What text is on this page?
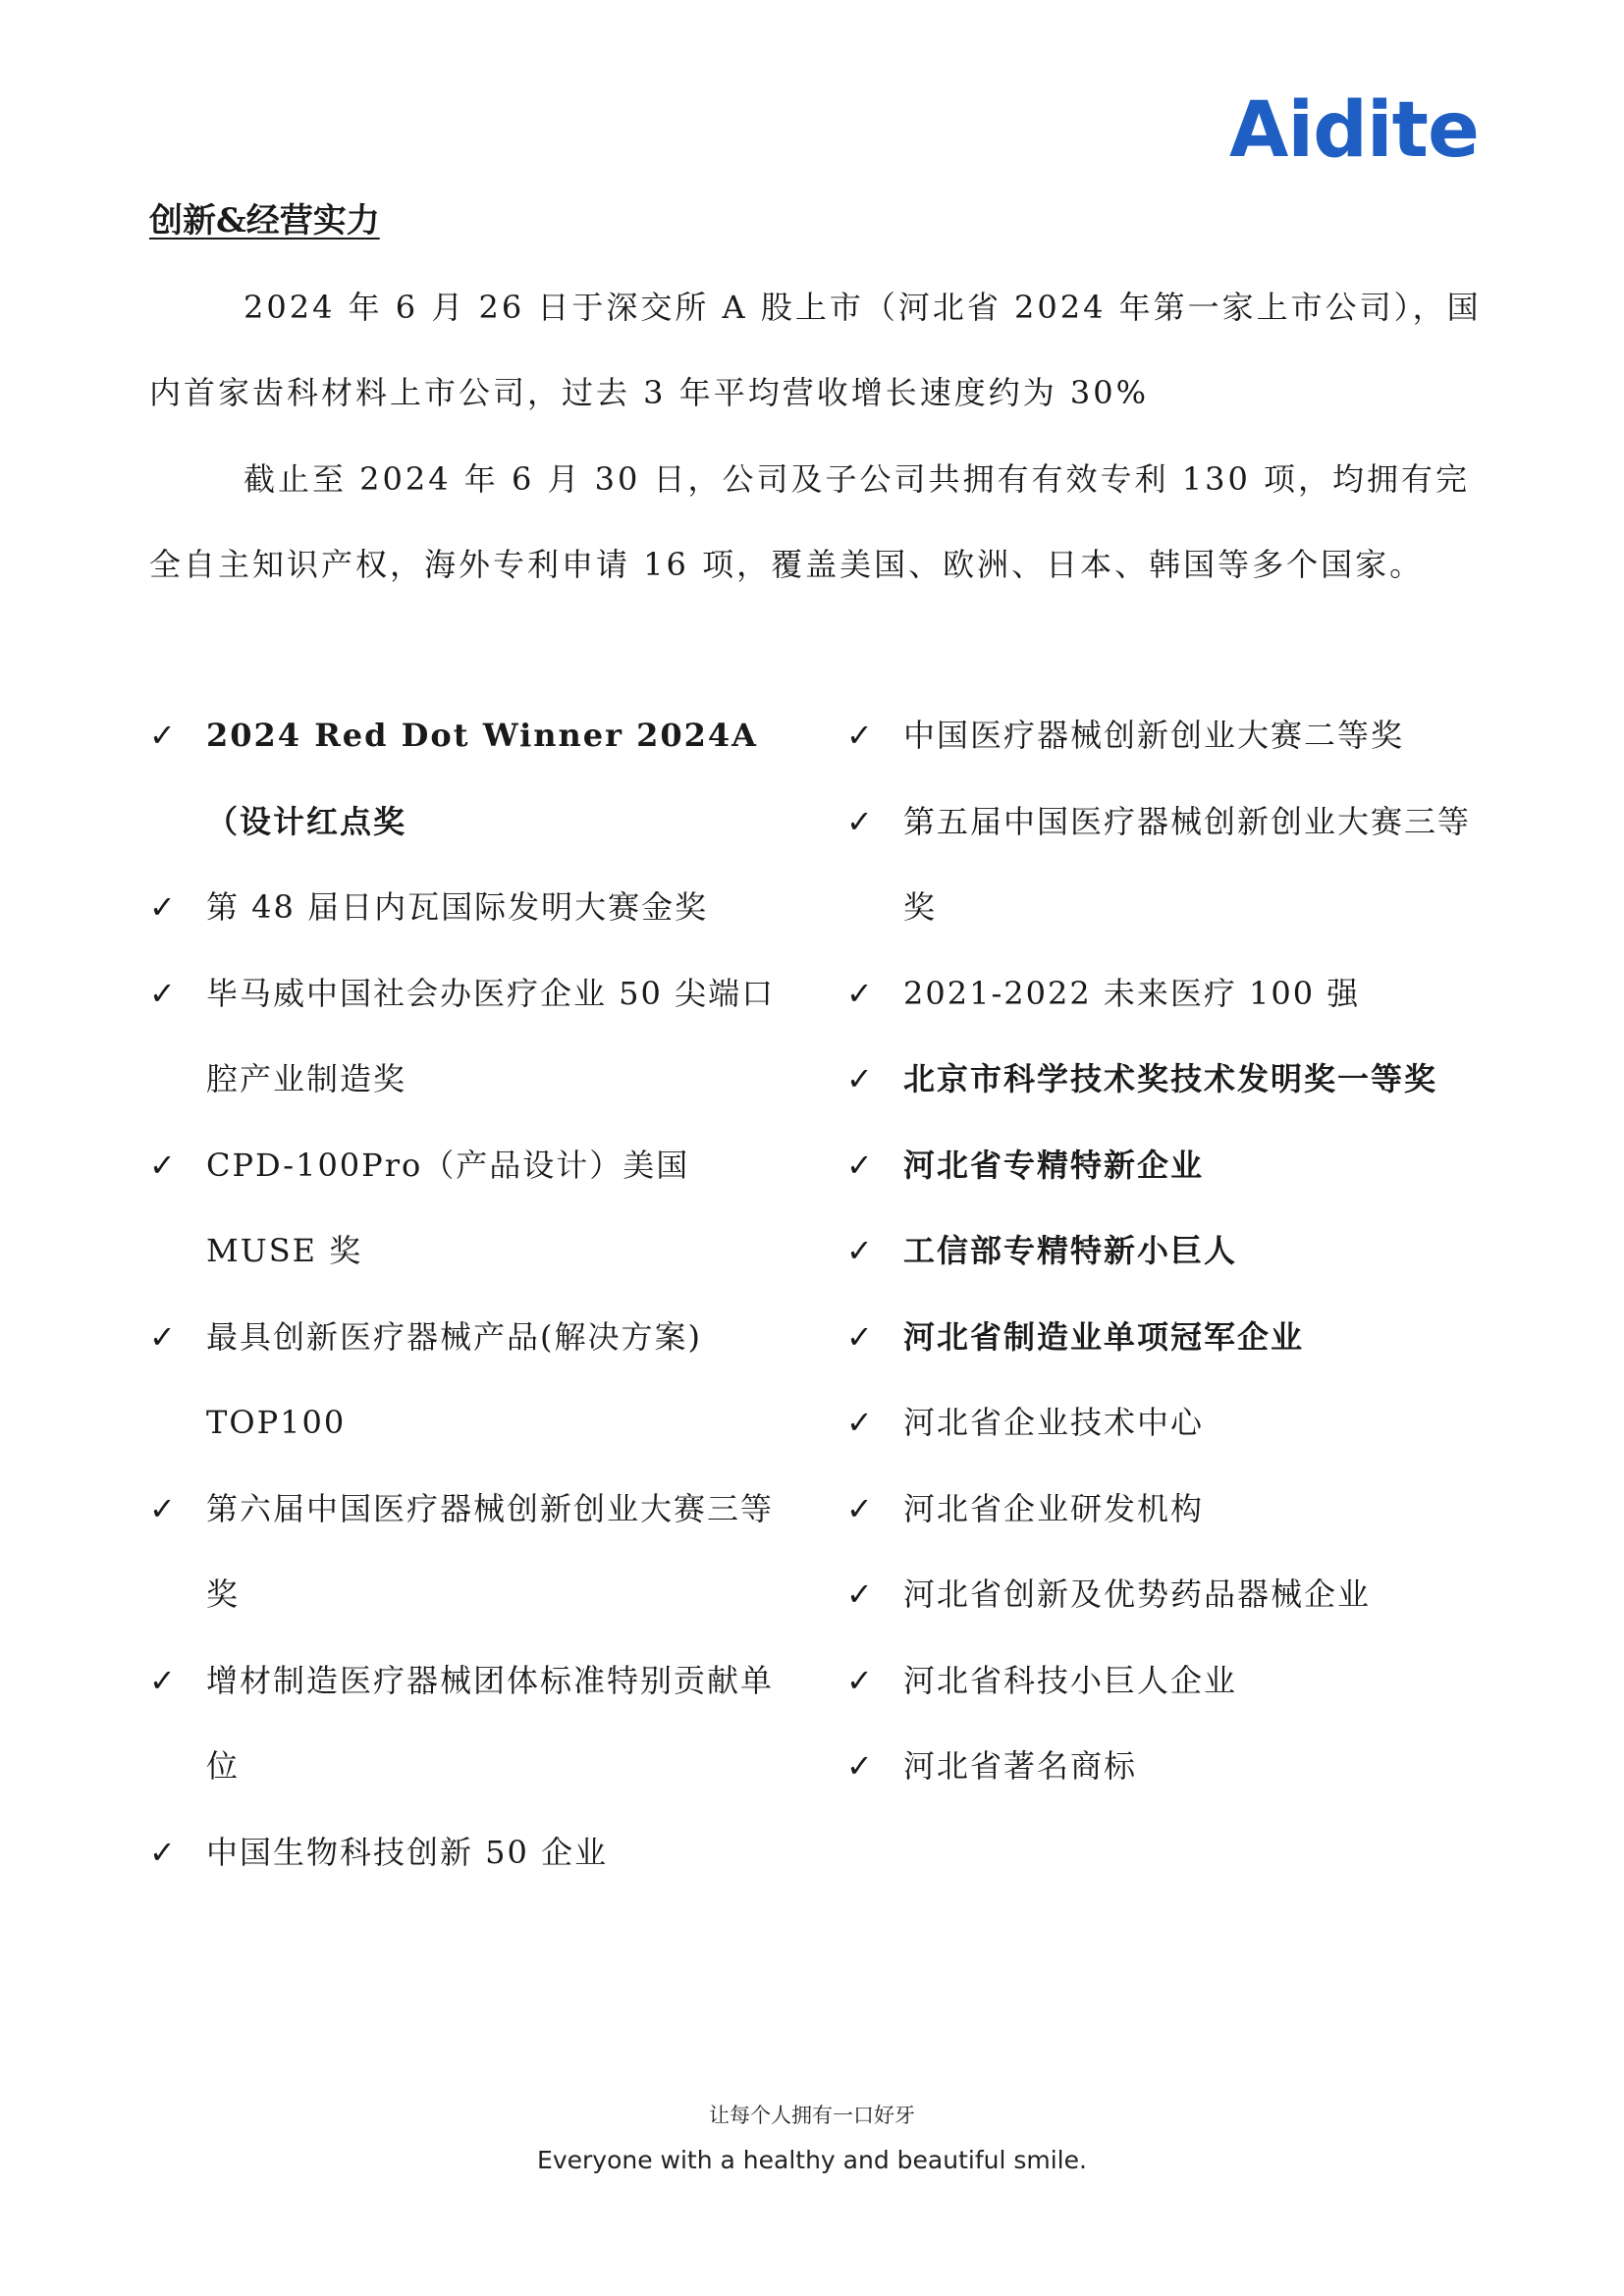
Aidite
创新&经营实力

2024 年 6 月 26 日于深交所 A 股上市（河北省 2024 年第一家上市公司），国内首家齿科材料上市公司，过去 3 年平均营收增长速度约为 30%

截止至 2024 年 6 月 30 日，公司及子公司共拥有有效专利 130 项，均拥有完全自主知识产权，海外专利申请 16 项，覆盖美国、欧洲、日本、韩国等多个国家。

✓ 2024 Red Dot Winner 2024A（设计红点奖
✓ 第 48 届日内瓦国际发明大赛金奖
✓ 毕马威中国社会办医疗企业 50 尖端口腔产业制造奖
✓ CPD-100Pro（产品设计）美国 MUSE 奖
✓ 最具创新医疗器械产品(解决方案) TOP100
✓ 第六届中国医疗器械创新创业大赛三等奖
✓ 增材制造医疗器械团体标准特别贡献单位
✓ 中国生物科技创新 50 企业
✓ 中国医疗器械创新创业大赛二等奖
✓ 第五届中国医疗器械创新创业大赛三等奖
✓ 2021-2022 未来医疗 100 强
✓ 北京市科学技术奖技术发明奖一等奖
✓ 河北省专精特新企业
✓ 工信部专精特新小巨人
✓ 河北省制造业单项冠军企业
✓ 河北省企业技术中心
✓ 河北省企业研发机构
✓ 河北省创新及优势药品器械企业
✓ 河北省科技小巨人企业
✓ 河北省著名商标
让每个人拥有一口好牙
Everyone with a healthy and beautiful smile.
